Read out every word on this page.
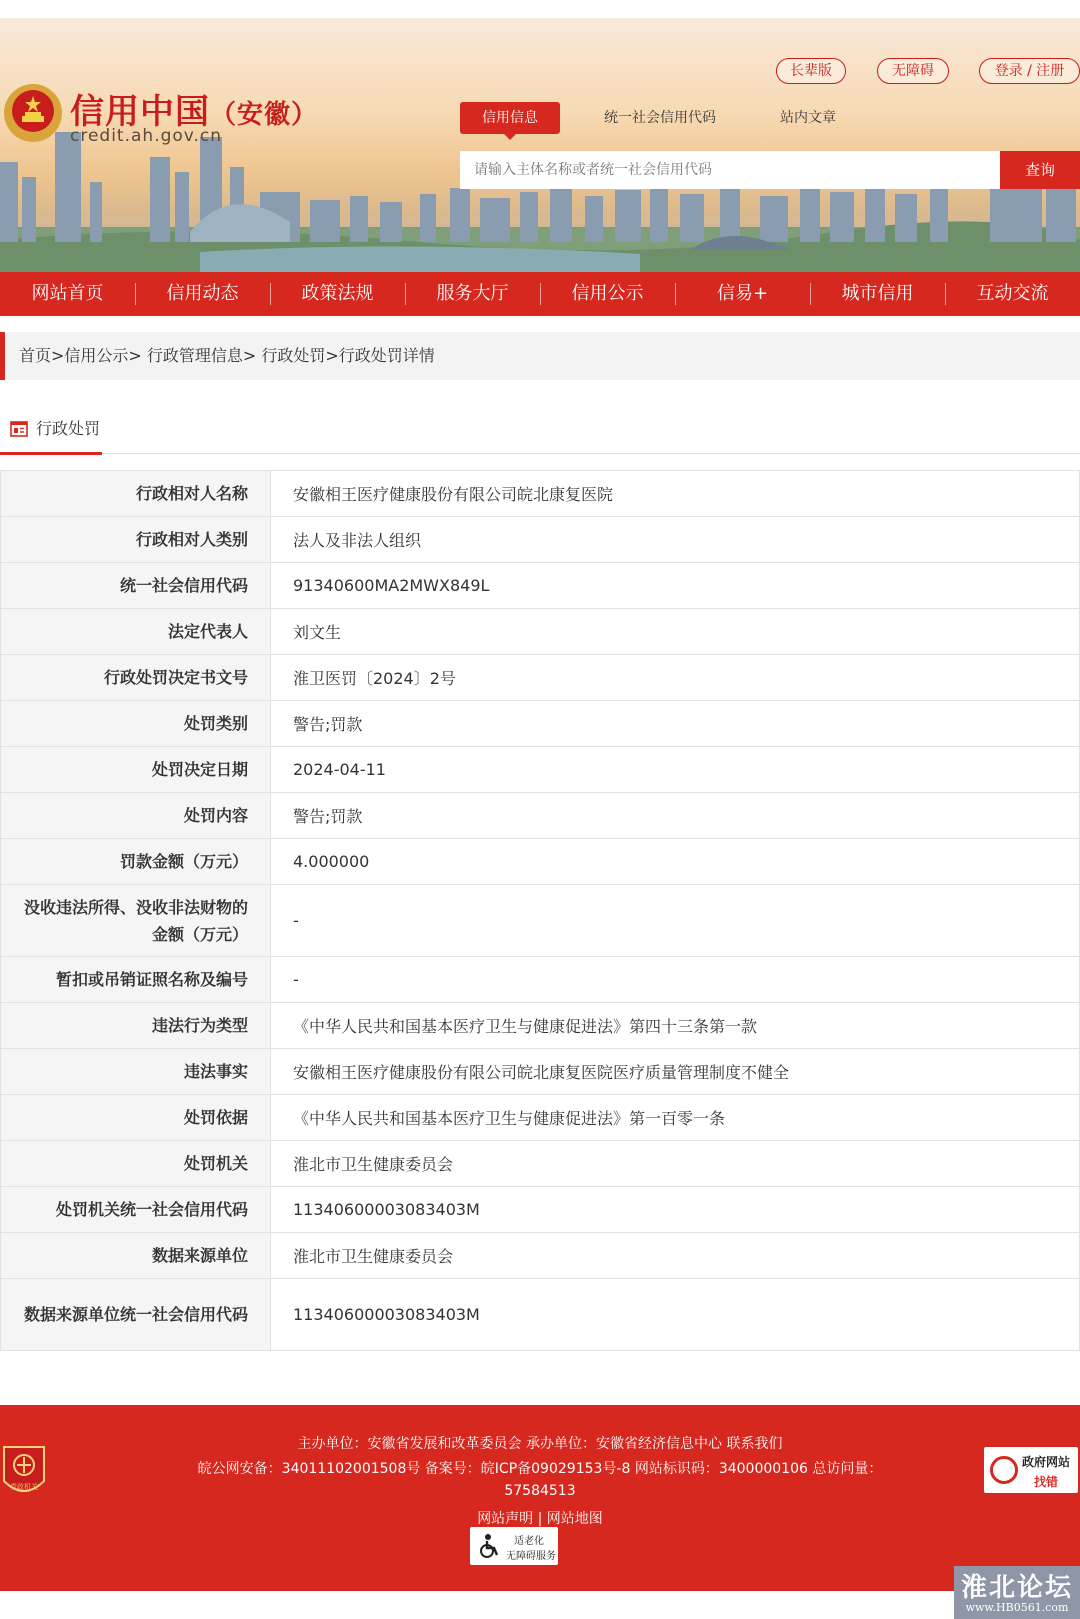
信用中国（安徽）
credit.ah.gov.cn
长辈版	无障碍	登录 / 注册
信用信息	统一社会信用代码	站内文章
请输入主体名称或者统一社会信用代码
查询
网站首页	信用动态	政策法规	服务大厅	信用公示	信易+	城市信用	互动交流
首页>信用公示> 行政管理信息> 行政处罚>行政处罚详情
行政处罚
行政相对人名称	安徽相王医疗健康股份有限公司皖北康复医院
行政相对人类别	法人及非法人组织
统一社会信用代码	91340600MA2MWX849L
法定代表人	刘文生
行政处罚决定书文号	淮卫医罚〔2024〕2号
处罚类别	警告;罚款
处罚决定日期	2024-04-11
处罚内容	警告;罚款
罚款金额（万元）	4.000000
没收违法所得、没收非法财物的金额（万元）	-
暂扣或吊销证照名称及编号	-
违法行为类型	《中华人民共和国基本医疗卫生与健康促进法》第四十三条第一款
违法事实	安徽相王医疗健康股份有限公司皖北康复医院医疗质量管理制度不健全
处罚依据	《中华人民共和国基本医疗卫生与健康促进法》第一百零一条
处罚机关	淮北市卫生健康委员会
处罚机关统一社会信用代码	11340600003083403M
数据来源单位	淮北市卫生健康委员会
数据来源单位统一社会信用代码	11340600003083403M
党政机关
主办单位：安徽省发展和改革委员会 承办单位：安徽省经济信息中心 联系我们
皖公网安备：34011102001508号 备案号：皖ICP备09029153号-8 网站标识码：3400000106 总访问量：
57584513
网站声明 | 网站地图
适老化
无障碍服务
政府网站
找错
淮北论坛
www.HB0561.com
